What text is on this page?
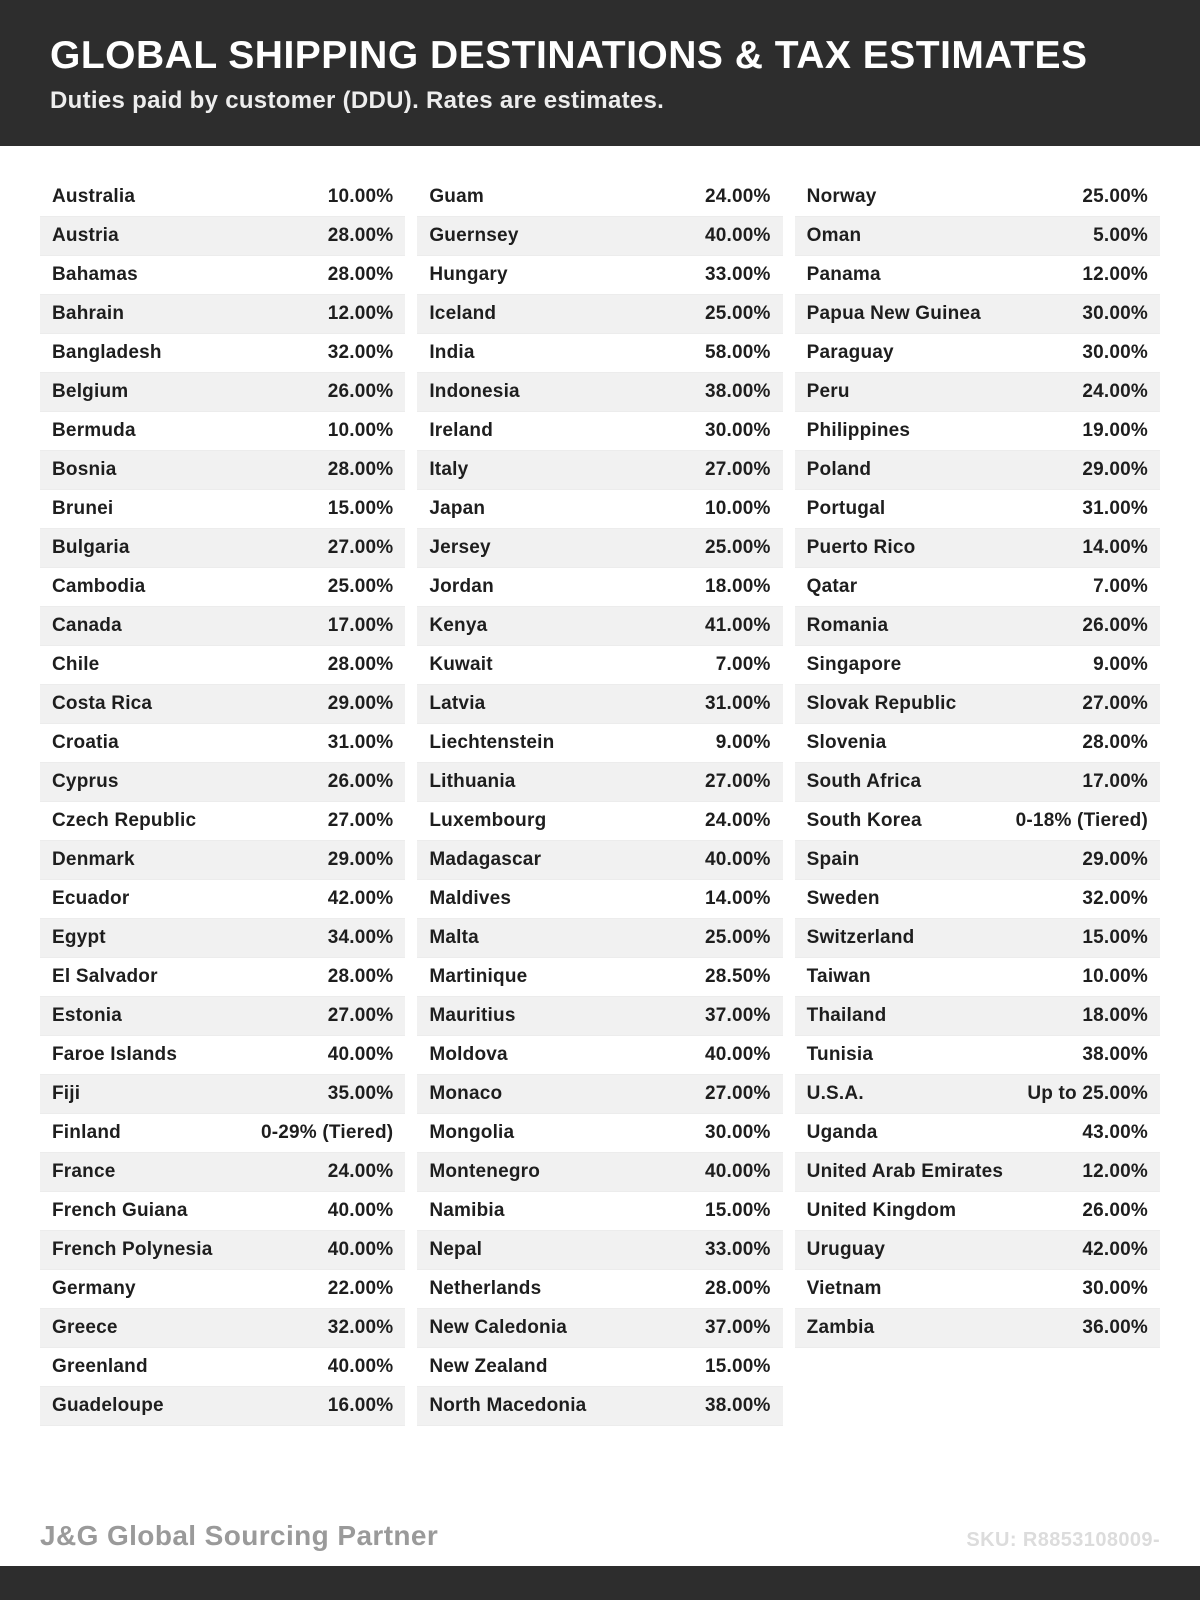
GLOBAL SHIPPING DESTINATIONS & TAX ESTIMATES

Duties paid by customer (DDU). Rates are estimates.

Australia	10.00%
Austria	28.00%
Bahamas	28.00%
Bahrain	12.00%
Bangladesh	32.00%
Belgium	26.00%
Bermuda	10.00%
Bosnia	28.00%
Brunei	15.00%
Bulgaria	27.00%
Cambodia	25.00%
Canada	17.00%
Chile	28.00%
Costa Rica	29.00%
Croatia	31.00%
Cyprus	26.00%
Czech Republic	27.00%
Denmark	29.00%
Ecuador	42.00%
Egypt	34.00%
El Salvador	28.00%
Estonia	27.00%
Faroe Islands	40.00%
Fiji	35.00%
Finland	0-29% (Tiered)
France	24.00%
French Guiana	40.00%
French Polynesia	40.00%
Germany	22.00%
Greece	32.00%
Greenland	40.00%
Guadeloupe	16.00%
Guam	24.00%
Guernsey	40.00%
Hungary	33.00%
Iceland	25.00%
India	58.00%
Indonesia	38.00%
Ireland	30.00%
Italy	27.00%
Japan	10.00%
Jersey	25.00%
Jordan	18.00%
Kenya	41.00%
Kuwait	7.00%
Latvia	31.00%
Liechtenstein	9.00%
Lithuania	27.00%
Luxembourg	24.00%
Madagascar	40.00%
Maldives	14.00%
Malta	25.00%
Martinique	28.50%
Mauritius	37.00%
Moldova	40.00%
Monaco	27.00%
Mongolia	30.00%
Montenegro	40.00%
Namibia	15.00%
Nepal	33.00%
Netherlands	28.00%
New Caledonia	37.00%
New Zealand	15.00%
North Macedonia	38.00%
Norway	25.00%
Oman	5.00%
Panama	12.00%
Papua New Guinea	30.00%
Paraguay	30.00%
Peru	24.00%
Philippines	19.00%
Poland	29.00%
Portugal	31.00%
Puerto Rico	14.00%
Qatar	7.00%
Romania	26.00%
Singapore	9.00%
Slovak Republic	27.00%
Slovenia	28.00%
South Africa	17.00%
South Korea	0-18% (Tiered)
Spain	29.00%
Sweden	32.00%
Switzerland	15.00%
Taiwan	10.00%
Thailand	18.00%
Tunisia	38.00%
U.S.A.	Up to 25.00%
Uganda	43.00%
United Arab Emirates	12.00%
United Kingdom	26.00%
Uruguay	42.00%
Vietnam	30.00%
Zambia	36.00%
J&G Global Sourcing Partner	SKU: R8853108009-
